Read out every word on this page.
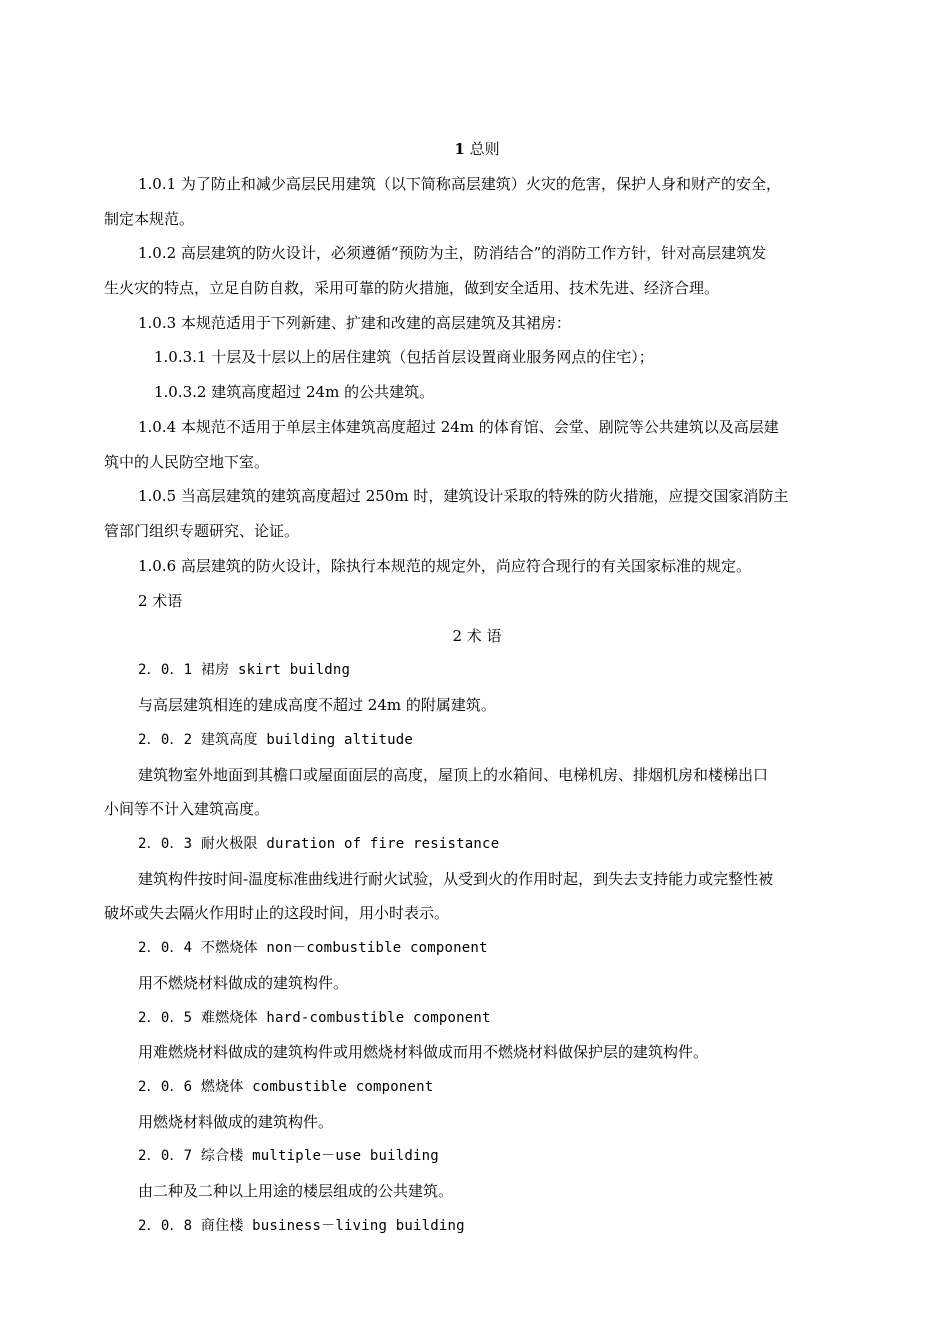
1 总则
1.0.1 为了防止和减少高层民用建筑（以下简称高层建筑）火灾的危害，保护人身和财产的安全，
制定本规范。
1.0.2 高层建筑的防火设计，必须遵循“预防为主，防消结合”的消防工作方针，针对高层建筑发
生火灾的特点，立足自防自救，采用可靠的防火措施，做到安全适用、技术先进、经济合理。
1.0.3 本规范适用于下列新建、扩建和改建的高层建筑及其裙房：
1.0.3.1 十层及十层以上的居住建筑（包括首层设置商业服务网点的住宅）；
1.0.3.2 建筑高度超过 24m 的公共建筑。
1.0.4 本规范不适用于单层主体建筑高度超过 24m 的体育馆、会堂、剧院等公共建筑以及高层建
筑中的人民防空地下室。
1.0.5 当高层建筑的建筑高度超过 250m 时，建筑设计采取的特殊的防火措施，应提交国家消防主
管部门组织专题研究、论证。
1.0.6 高层建筑的防火设计，除执行本规范的规定外，尚应符合现行的有关国家标准的规定。
2 术语
2 术 语
2．0．1 裙房 skirt buildng
与高层建筑相连的建成高度不超过 24m 的附属建筑。
2．0．2 建筑高度 building altitude
建筑物室外地面到其檐口或屋面面层的高度，屋顶上的水箱间、电梯机房、排烟机房和楼梯出口
小间等不计入建筑高度。
2．0．3 耐火极限 duration of fire resistance
建筑构件按时间-温度标准曲线进行耐火试验，从受到火的作用时起，到失去支持能力或完整性被
破坏或失去隔火作用时止的这段时间，用小时表示。
2．0．4 不燃烧体 non－combustible component
用不燃烧材料做成的建筑构件。
2．0．5 难燃烧体 hard-combustible component
用难燃烧材料做成的建筑构件或用燃烧材料做成而用不燃烧材料做保护层的建筑构件。
2．0．6 燃烧体 combustible component
用燃烧材料做成的建筑构件。
2．0．7 综合楼 multiple－use building
由二种及二种以上用途的楼层组成的公共建筑。
2．0．8 商住楼 business－living building
